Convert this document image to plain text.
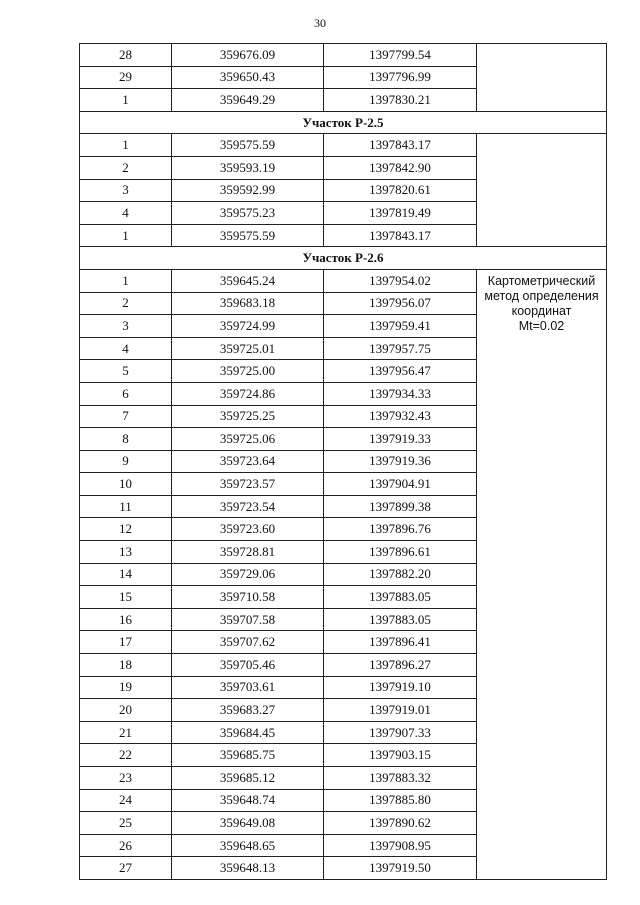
30
28	359676.09	1397799.54	
29	359650.43	1397796.99	
1	359649.29	1397830.21	
Участок Р-2.5			
1	359575.59	1397843.17	
2	359593.19	1397842.90	
3	359592.99	1397820.61	
4	359575.23	1397819.49	
1	359575.59	1397843.17	
Участок Р-2.6			
1	359645.24	1397954.02	Картометрический
метод определения
координат
Mt=0.02

2	359683.18	1397956.07	
3	359724.99	1397959.41	
4	359725.01	1397957.75	
5	359725.00	1397956.47	
6	359724.86	1397934.33	
7	359725.25	1397932.43	
8	359725.06	1397919.33	
9	359723.64	1397919.36	
10	359723.57	1397904.91	
11	359723.54	1397899.38	
12	359723.60	1397896.76	
13	359728.81	1397896.61	
14	359729.06	1397882.20	
15	359710.58	1397883.05	
16	359707.58	1397883.05	
17	359707.62	1397896.41	
18	359705.46	1397896.27	
19	359703.61	1397919.10	
20	359683.27	1397919.01	
21	359684.45	1397907.33	
22	359685.75	1397903.15	
23	359685.12	1397883.32	
24	359648.74	1397885.80	
25	359649.08	1397890.62	
26	359648.65	1397908.95	
27	359648.13	1397919.50	
